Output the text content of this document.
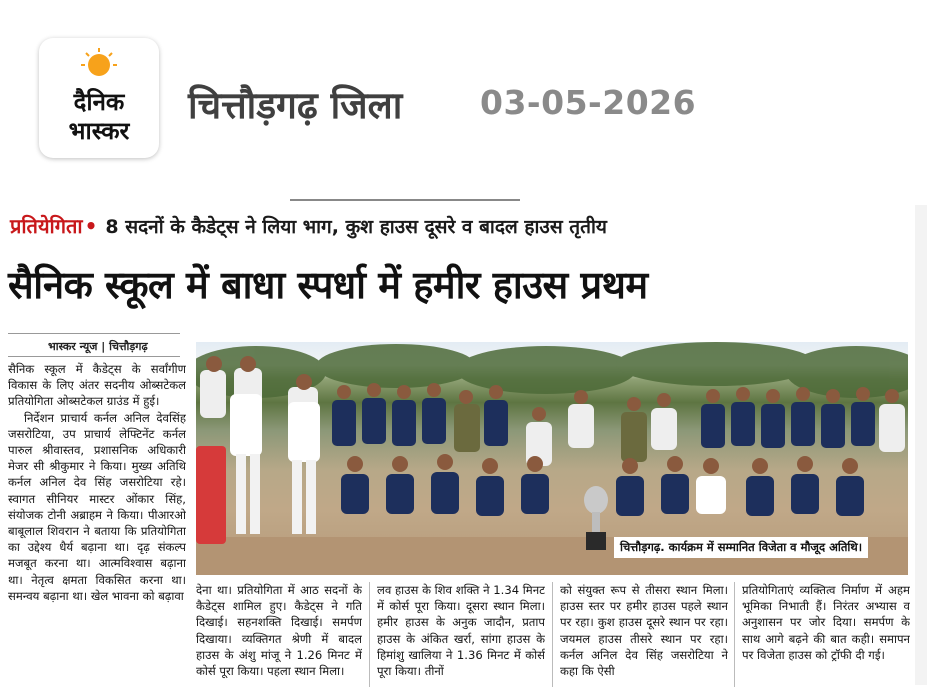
दैनिक
भास्कर
चित्तौड़गढ़ जिला 03-05-2026
प्रतियेगिता • 8 सदनों के कैडेट्स ने लिया भाग, कुश हाउस दूसरे व बादल हाउस तृतीय
सैनिक स्कूल में बाधा स्पर्धा में हमीर हाउस प्रथम
भास्कर न्यूज | चित्तौड़गढ़

सैनिक स्कूल में कैडेट्स के सर्वांगीण विकास के लिए अंतर सदनीय ओब्सटेकल प्रतियोगिता ओब्सटेकल ग्राउंड में हुई।

निर्देशन प्राचार्य कर्नल अनिल देवसिंह जसरोटिया, उप प्राचार्य लेफ्टिनेंट कर्नल पारुल श्रीवास्तव, प्रशासनिक अधिकारी मेजर सी श्रीकुमार ने किया। मुख्य अतिथि कर्नल अनिल देव सिंह जसरोटिया रहे। स्वागत सीनियर मास्टर ओंकार सिंह, संयोजक टोनी अब्राहम ने किया। पीआरओ बाबूलाल शिवरान ने बताया कि प्रतियोगिता का उद्देश्य धैर्य बढ़ाना था। दृढ़ संकल्प मजबूत करना था। आत्मविश्वास बढ़ाना था। नेतृत्व क्षमता विकसित करना था। समन्वय बढ़ाना था। खेल भावना को बढ़ावा

चित्तौड़गढ़. कार्यक्रम में सम्मानित विजेता व मौजूद अतिथि।

देना था। प्रतियोगिता में आठ सदनों के कैडेट्स शामिल हुए। कैडेट्स ने गति दिखाई। सहनशक्ति दिखाई। समर्पण दिखाया। व्यक्तिगत श्रेणी में बादल हाउस के अंशु मांजू ने 1.26 मिनट में कोर्स पूरा किया। पहला स्थान मिला।

लव हाउस के शिव शक्ति ने 1.34 मिनट में कोर्स पूरा किया। दूसरा स्थान मिला। हमीर हाउस के अनुक जादौन, प्रताप हाउस के अंकित खर्रा, सांगा हाउस के हिमांशु खालिया ने 1.36 मिनट में कोर्स पूरा किया। तीनों

को संयुक्त रूप से तीसरा स्थान मिला। हाउस स्तर पर हमीर हाउस पहले स्थान पर रहा। कुश हाउस दूसरे स्थान पर रहा। जयमल हाउस तीसरे स्थान पर रहा। कर्नल अनिल देव सिंह जसरोटिया ने कहा कि ऐसी

प्रतियोगिताएं व्यक्तित्व निर्माण में अहम भूमिका निभाती हैं। निरंतर अभ्यास व अनुशासन पर जोर दिया। समर्पण के साथ आगे बढ़ने की बात कही। समापन पर विजेता हाउस को ट्रॉफी दी गई।
